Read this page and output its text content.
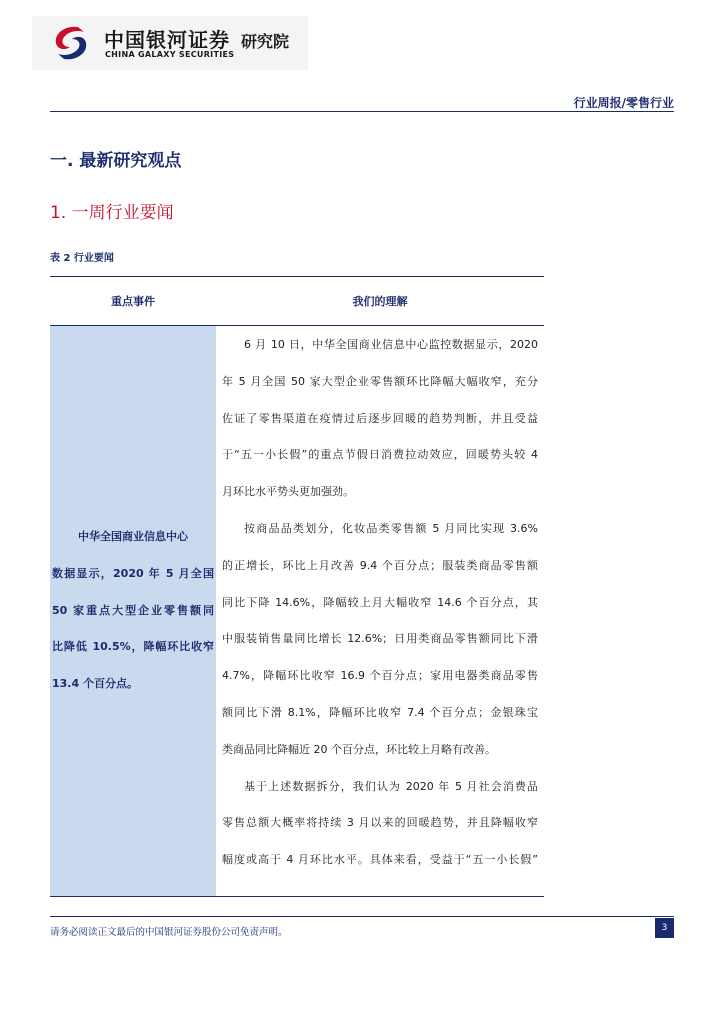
中国银河证券
CHINA GALAXY SECURITIES
研究院
行业周报/零售行业
一. 最新研究观点
1. 一周行业要闻
表 2 行业要闻
重点事件	我们的理解
中华全国商业信息中心
数据显示，2020 年 5 月全国
50 家重点大型企业零售额同
比降低 10.5%，降幅环比收窄
13.4 个百分点。
6 月 10 日，中华全国商业信息中心监控数据显示，2020
年 5 月全国 50 家大型企业零售额环比降幅大幅收窄，充分
佐证了零售渠道在疫情过后逐步回暖的趋势判断，并且受益
于“五一小长假”的重点节假日消费拉动效应，回暖势头较 4
月环比水平势头更加强劲。
按商品品类划分，化妆品类零售额 5 月同比实现 3.6%
的正增长，环比上月改善 9.4 个百分点；服装类商品零售额
同比下降 14.6%，降幅较上月大幅收窄 14.6 个百分点，其
中服装销售量同比增长 12.6%；日用类商品零售额同比下滑
4.7%，降幅环比收窄 16.9 个百分点；家用电器类商品零售
额同比下滑 8.1%，降幅环比收窄 7.4 个百分点；金银珠宝
类商品同比降幅近 20 个百分点，环比较上月略有改善。
基于上述数据拆分，我们认为 2020 年 5 月社会消费品
零售总额大概率将持续 3 月以来的回暖趋势，并且降幅收窄
幅度或高于 4 月环比水平。具体来看，受益于“五一小长假”
请务必阅读正文最后的中国银河证券股份公司免责声明。	3
